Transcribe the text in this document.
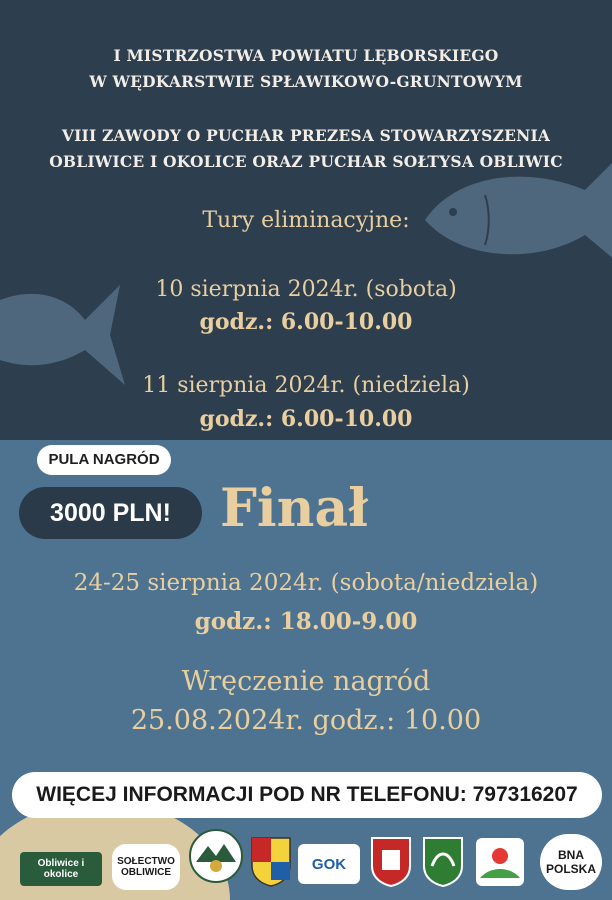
I MISTRZOSTWA POWIATU LĘBORSKIEGO
W WĘDKARSTWIE SPŁAWIKOWO-GRUNTOWYM
VIII ZAWODY O PUCHAR PREZESA STOWARZYSZENIA
OBLIWICE I OKOLICE ORAZ PUCHAR SOŁTYSA OBLIWIC
Tury eliminacyjne:
10 sierpnia 2024r. (sobota)
godz.: 6.00-10.00
11 sierpnia 2024r. (niedziela)
godz.: 6.00-10.00
PULA NAGRÓD
3000 PLN! Finał
24-25 sierpnia 2024r. (sobota/niedziela)
godz.: 18.00-9.00
Wręczenie nagród
25.08.2024r. godz.: 10.00
WIĘCEJ INFORMACJI POD NR TELEFONU: 797316207
Obliwice i okolice
SOŁECTWO OBLIWICE	GOK
BNA POLSKA
